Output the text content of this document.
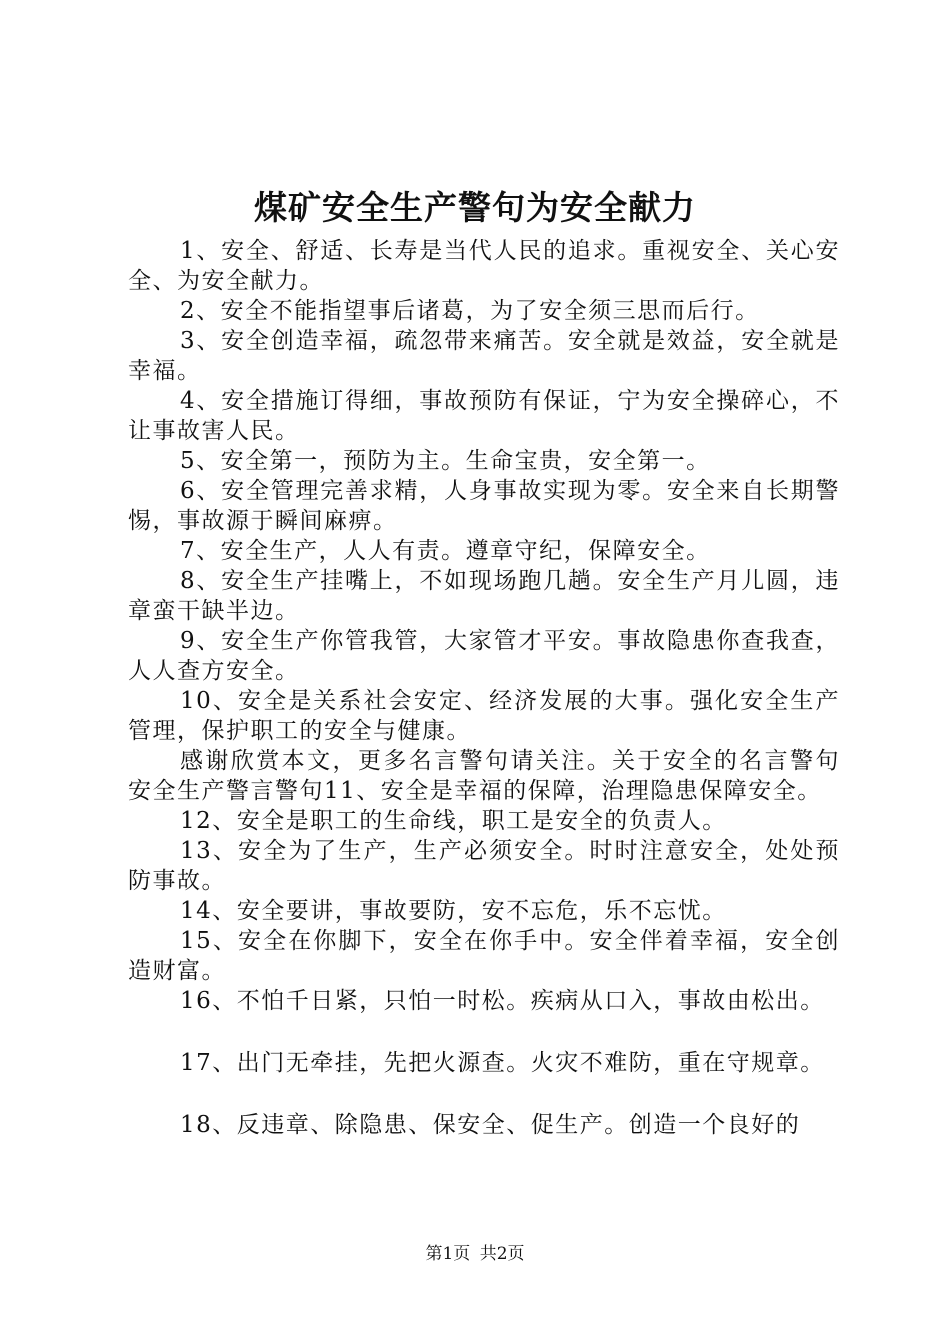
煤矿安全生产警句为安全献力

1、安全、舒适、长寿是当代人民的追求。重视安全、关心安全、为安全献力。

2、安全不能指望事后诸葛，为了安全须三思而后行。

3、安全创造幸福，疏忽带来痛苦。安全就是效益，安全就是幸福。

4、安全措施订得细，事故预防有保证，宁为安全操碎心，不让事故害人民。

5、安全第一，预防为主。生命宝贵，安全第一。

6、安全管理完善求精，人身事故实现为零。安全来自长期警惕，事故源于瞬间麻痹。

7、安全生产，人人有责。遵章守纪，保障安全。

8、安全生产挂嘴上，不如现场跑几趟。安全生产月儿圆，违章蛮干缺半边。

9、安全生产你管我管，大家管才平安。事故隐患你查我查，人人查方安全。

10、安全是关系社会安定、经济发展的大事。强化安全生产管理，保护职工的安全与健康。

感谢欣赏本文，更多名言警句请关注。关于安全的名言警句安全生产警言警句11、安全是幸福的保障，治理隐患保障安全。

12、安全是职工的生命线，职工是安全的负责人。

13、安全为了生产，生产必须安全。时时注意安全，处处预防事故。

14、安全要讲，事故要防，安不忘危，乐不忘忧。

15、安全在你脚下，安全在你手中。安全伴着幸福，安全创造财富。

16、不怕千日紧，只怕一时松。疾病从口入，事故由松出。

17、出门无牵挂，先把火源查。火灾不难防，重在守规章。

18、反违章、除隐患、保安全、促生产。创造一个良好的

第1页 共2页
